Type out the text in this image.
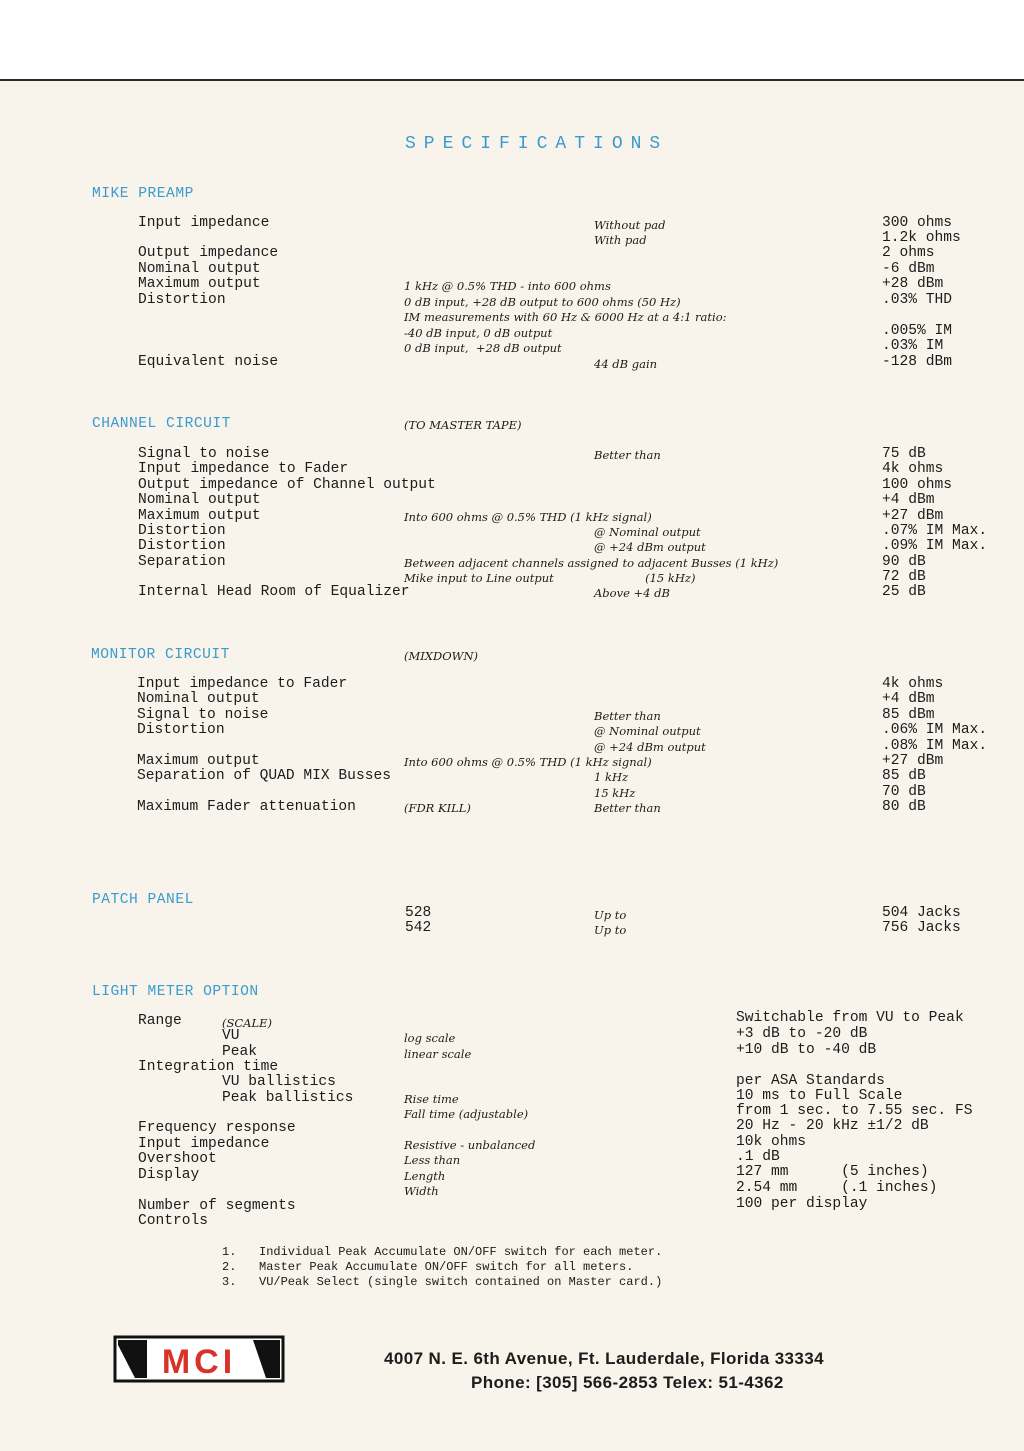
MCI
SPECIFICATIONS
MIKE PREAMP
Input impedance	Without pad	300 ohms
With pad	1.2k ohms
Output impedance	2 ohms
Nominal output	-6 dBm
Maximum output	1 kHz @ 0.5% THD - into 600 ohms	+28 dBm
Distortion	0 dB input, +28 dB output to 600 ohms (50 Hz)	.03% THD
IM measurements with 60 Hz & 6000 Hz at a 4:1 ratio:
-40 dB input, 0 dB output	.005% IM
0 dB input,  +28 dB output	.03% IM
Equivalent noise	44 dB gain	-128 dBm
CHANNEL CIRCUIT	(TO MASTER TAPE)
Signal to noise	Better than	75 dB
Input impedance to Fader	4k ohms
Output impedance of Channel output	100 ohms
Nominal output	+4 dBm
Maximum output	Into 600 ohms @ 0.5% THD (1 kHz signal)	+27 dBm
Distortion	@ Nominal output	.07% IM Max.
Distortion	@ +24 dBm output	.09% IM Max.
Separation	Between adjacent channels assigned to adjacent Busses (1 kHz)	90 dB
Mike input to Line output                         (15 kHz)	72 dB
Internal Head Room of Equalizer	Above +4 dB	25 dB
MONITOR CIRCUIT	(MIXDOWN)
Input impedance to Fader	4k ohms
Nominal output	+4 dBm
Signal to noise	Better than	85 dBm
Distortion	@ Nominal output	.06% IM Max.
@ +24 dBm output	.08% IM Max.
Maximum output	Into 600 ohms @ 0.5% THD (1 kHz signal)	+27 dBm
Separation of QUAD MIX Busses	1 kHz	85 dB
15 kHz	70 dB
Maximum Fader attenuation	(FDR KILL)	Better than	80 dB
PATCH PANEL
528	Up to	504 Jacks
542	Up to	756 Jacks
LIGHT METER OPTION
Range	(SCALE)	Switchable from VU to Peak
VU	log scale	+3 dB to -20 dB
Peak	linear scale	+10 dB to -40 dB
Integration time
VU ballistics	per ASA Standards
Peak ballistics	Rise time	10 ms to Full Scale
Fall time (adjustable)	from 1 sec. to 7.55 sec. FS
Frequency response	20 Hz - 20 kHz ±1/2 dB
Input impedance	Resistive - unbalanced	10k ohms
Overshoot	Less than	.1 dB
Display	Length	127 mm      (5 inches)
Width	2.54 mm     (.1 inches)
Number of segments	100 per display
Controls
1. Individual Peak Accumulate ON/OFF switch for each meter.
2. Master Peak Accumulate ON/OFF switch for all meters.
3. VU/Peak Select (single switch contained on Master card.)
4007 N. E. 6th Avenue, Ft. Lauderdale, Florida 33334
Phone: [305] 566-2853 Telex: 51-4362
